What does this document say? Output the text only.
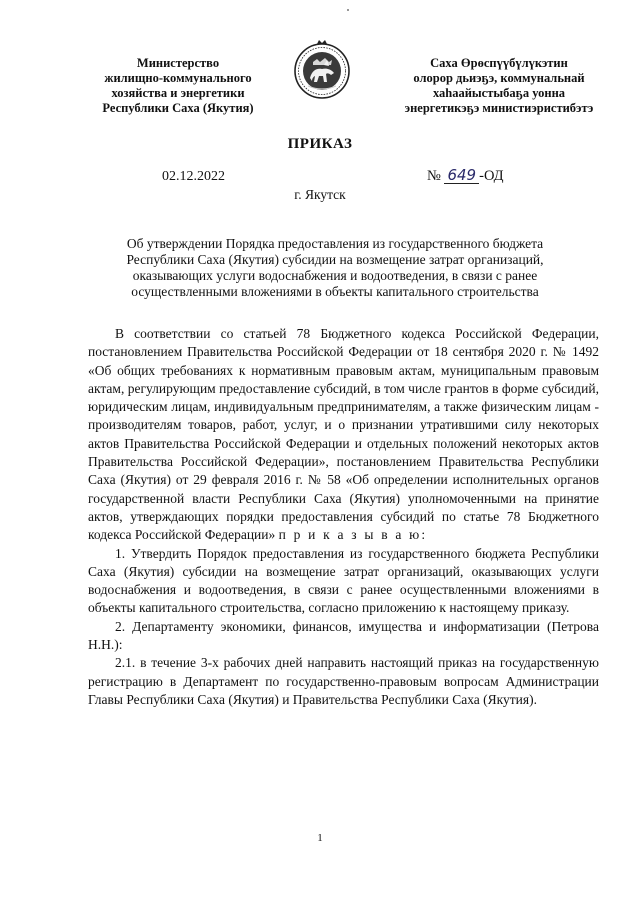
Министерство
жилищно-коммунального
хозяйства и энергетики
Республики Саха (Якутия)
Саха Өрөспүүбүлүкэтин
олорор дьиэҕэ, коммунальнай
хаһаайыстыбаҕа уонна
энергетикэҕэ министиэристибэтэ
ПРИКАЗ
02.12.2022	№ 649 -ОД
г. Якутск
Об утверждении Порядка предоставления из государственного бюджета
Республики Саха (Якутия) субсидии на возмещение затрат организаций,
оказывающих услуги водоснабжения и водоотведения, в связи с ранее
осуществленными вложениями в объекты капитального строительства

В соответствии со статьей 78 Бюджетного кодекса Российской Федерации, постановлением Правительства Российской Федерации от 18 сентября 2020 г. № 1492 «Об общих требованиях к нормативным правовым актам, муниципальным правовым актам, регулирующим предоставление субсидий, в том числе грантов в форме субсидий, юридическим лицам, индивидуальным предпринимателям, а также физическим лицам - производителям товаров, работ, услуг, и о признании утратившими силу некоторых актов Правительства Российской Федерации и отдельных положений некоторых актов Правительства Российской Федерации», постановлением Правительства Республики Саха (Якутия) от 29 февраля 2016 г. № 58 «Об определении исполнительных органов государственной власти Республики Саха (Якутия) уполномоченными на принятие актов, утверждающих порядки предоставления субсидий по статье 78 Бюджетного кодекса Российской Федерации» п р и к а з ы в а ю:

1. Утвердить Порядок предоставления из государственного бюджета Республики Саха (Якутия) субсидии на возмещение затрат организаций, оказывающих услуги водоснабжения и водоотведения, в связи с ранее осуществленными вложениями в объекты капитального строительства, согласно приложению к настоящему приказу.

2. Департаменту экономики, финансов, имущества и информатизации (Петрова Н.Н.):

2.1. в течение 3-х рабочих дней направить настоящий приказ на государственную регистрацию в Департамент по государственно-правовым вопросам Администрации Главы Республики Саха (Якутия) и Правительства Республики Саха (Якутия).

1
